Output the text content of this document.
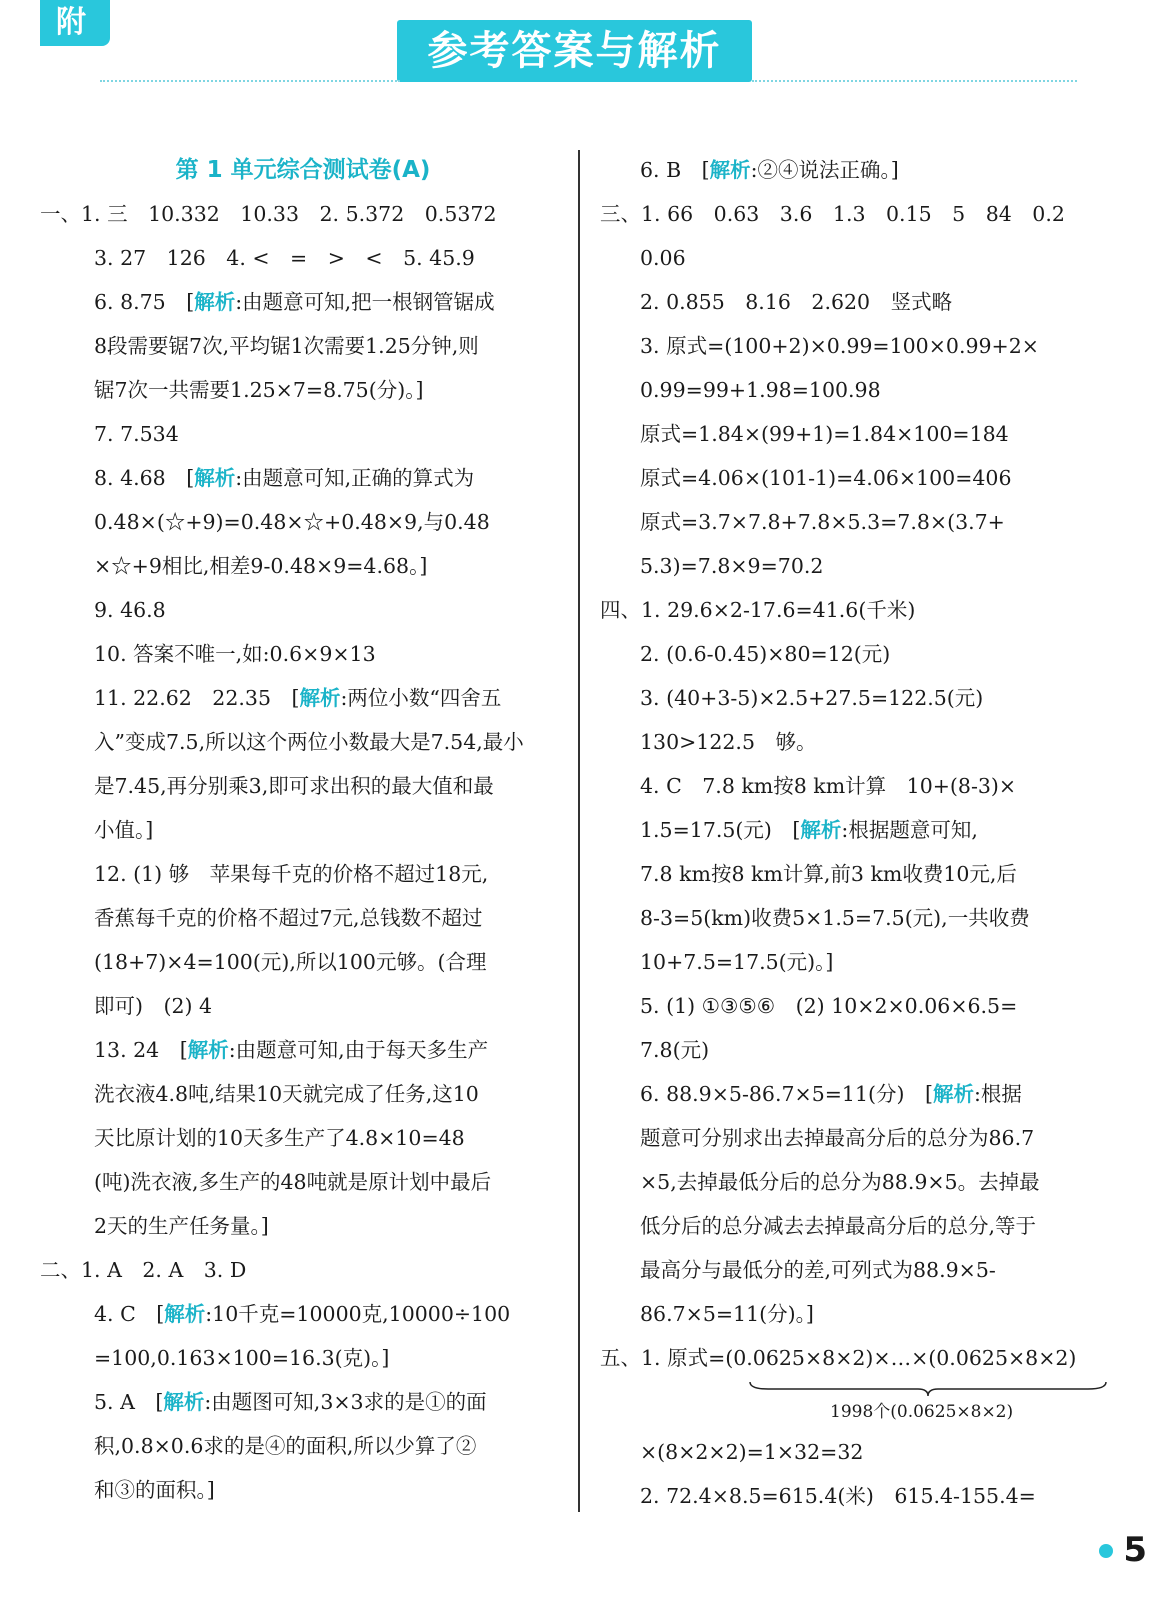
附
参考答案与解析
第 1 单元综合测试卷(A)
一、1. 三　10.332　10.33　2. 5.372　0.5372
3. 27　126　4. <　=　>　<　5. 45.9
6. 8.75　[解析:由题意可知,把一根钢管锯成
8段需要锯7次,平均锯1次需要1.25分钟,则
锯7次一共需要1.25×7=8.75(分)。]
7. 7.534
8. 4.68　[解析:由题意可知,正确的算式为
0.48×(☆+9)=0.48×☆+0.48×9,与0.48
×☆+9相比,相差9-0.48×9=4.68。]
9. 46.8
10. 答案不唯一,如:0.6×9×13
11. 22.62　22.35　[解析:两位小数“四舍五
入”变成7.5,所以这个两位小数最大是7.54,最小
是7.45,再分别乘3,即可求出积的最大值和最
小值。]
12. (1) 够　苹果每千克的价格不超过18元,
香蕉每千克的价格不超过7元,总钱数不超过
(18+7)×4=100(元),所以100元够。(合理
即可)　(2) 4
13. 24　[解析:由题意可知,由于每天多生产
洗衣液4.8吨,结果10天就完成了任务,这10
天比原计划的10天多生产了4.8×10=48
(吨)洗衣液,多生产的48吨就是原计划中最后
2天的生产任务量。]
二、1. A　2. A　3. D
4. C　[解析:10千克=10000克,10000÷100
=100,0.163×100=16.3(克)。]
5. A　[解析:由题图可知,3×3求的是①的面
积,0.8×0.6求的是④的面积,所以少算了②
和③的面积。]
6. B　[解析:②④说法正确。]
三、1. 66　0.63　3.6　1.3　0.15　5　84　0.2
0.06
2. 0.855　8.16　2.620　竖式略
3. 原式=(100+2)×0.99=100×0.99+2×
0.99=99+1.98=100.98
原式=1.84×(99+1)=1.84×100=184
原式=4.06×(101-1)=4.06×100=406
原式=3.7×7.8+7.8×5.3=7.8×(3.7+
5.3)=7.8×9=70.2
四、1. 29.6×2-17.6=41.6(千米)
2. (0.6-0.45)×80=12(元)
3. (40+3-5)×2.5+27.5=122.5(元)
130>122.5　够。
4. C　7.8 km按8 km计算　10+(8-3)×
1.5=17.5(元)　[解析:根据题意可知,
7.8 km按8 km计算,前3 km收费10元,后
8-3=5(km)收费5×1.5=7.5(元),一共收费
10+7.5=17.5(元)。]
5. (1) ①③⑤⑥　(2) 10×2×0.06×6.5=
7.8(元)
6. 88.9×5-86.7×5=11(分)　[解析:根据
题意可分别求出去掉最高分后的总分为86.7
×5,去掉最低分后的总分为88.9×5。去掉最
低分后的总分减去去掉最高分后的总分,等于
最高分与最低分的差,可列式为88.9×5-
86.7×5=11(分)。]
五、1. 原式=(0.0625×8×2)×…×(0.0625×8×2)
1998个(0.0625×8×2)
×(8×2×2)=1×32=32
2. 72.4×8.5=615.4(米)　615.4-155.4=
5
